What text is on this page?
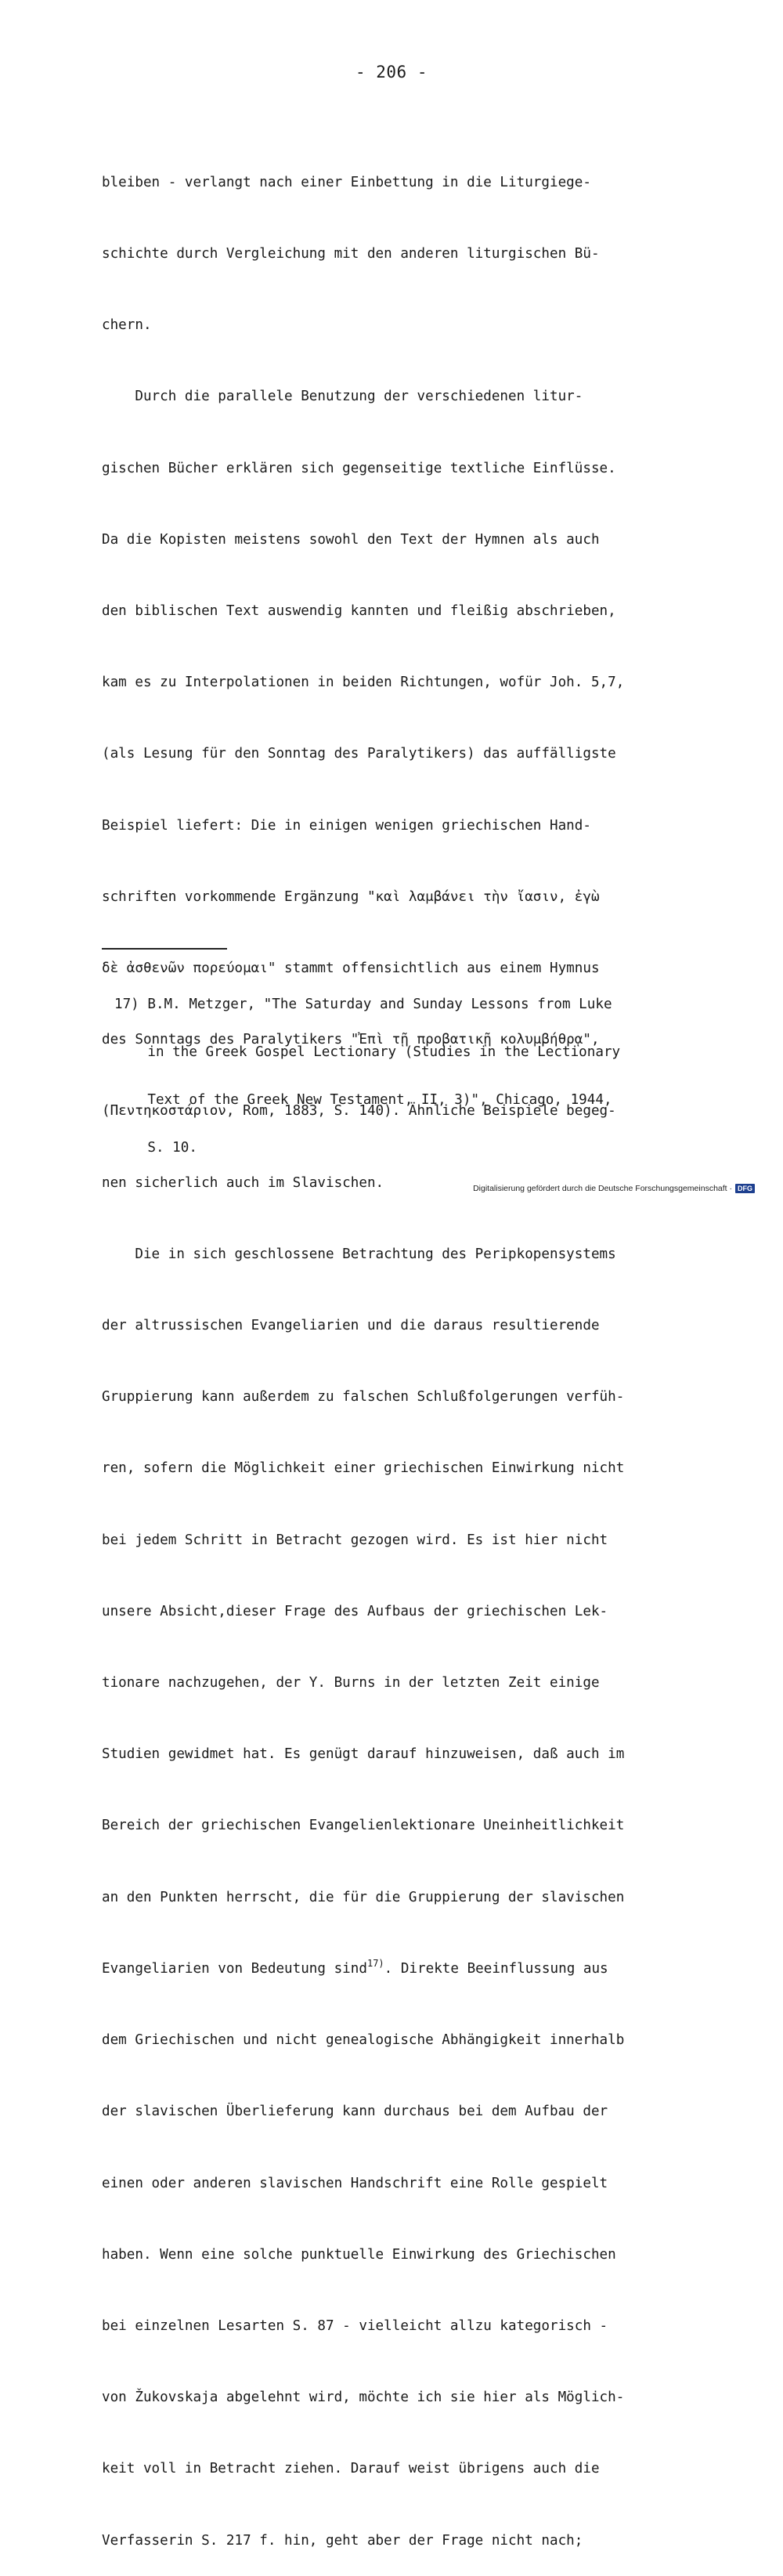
- 206 -

bleiben - verlangt nach einer Einbettung in die Liturgiege-

schichte durch Vergleichung mit den anderen liturgischen Bü-

chern.

Durch die parallele Benutzung der verschiedenen litur-

gischen Bücher erklären sich gegenseitige textliche Einflüsse.

Da die Kopisten meistens sowohl den Text der Hymnen als auch

den biblischen Text auswendig kannten und fleißig abschrieben,

kam es zu Interpolationen in beiden Richtungen, wofür Joh. 5,7,

(als Lesung für den Sonntag des Paralytikers) das auffälligste

Beispiel liefert: Die in einigen wenigen griechischen Hand-

schriften vorkommende Ergänzung "καὶ λαμβάνει τὴν ἴασιν, ἐγὼ

δὲ ἀσθενῶν πορεύομαι" stammt offensichtlich aus einem Hymnus

des Sonntags des Paralytikers "Ἐπὶ τῇ προβατικῇ κολυμβήθρᾳ",

(Πεντηκοστάριον, Rom, 1883, S. 140). Ähnliche Beispiele begeg-

nen sicherlich auch im Slavischen.

Die in sich geschlossene Betrachtung des Peripkopensystems

der altrussischen Evangeliarien und die daraus resultierende

Gruppierung kann außerdem zu falschen Schlußfolgerungen verfüh-

ren, sofern die Möglichkeit einer griechischen Einwirkung nicht

bei jedem Schritt in Betracht gezogen wird. Es ist hier nicht

unsere Absicht,dieser Frage des Aufbaus der griechischen Lek-

tionare nachzugehen, der Y. Burns in der letzten Zeit einige

Studien gewidmet hat. Es genügt darauf hinzuweisen, daß auch im

Bereich der griechischen Evangelienlektionare Uneinheitlichkeit

an den Punkten herrscht, die für die Gruppierung der slavischen

Evangeliarien von Bedeutung sind$^{17)}$. Direkte Beeinflussung aus

dem Griechischen und nicht genealogische Abhängigkeit innerhalb

der slavischen Überlieferung kann durchaus bei dem Aufbau der

einen oder anderen slavischen Handschrift eine Rolle gespielt

haben. Wenn eine solche punktuelle Einwirkung des Griechischen

bei einzelnen Lesarten S. 87 - vielleicht allzu kategorisch -

von Žukovskaja abgelehnt wird, möchte ich sie hier als Möglich-

keit voll in Betracht ziehen. Darauf weist übrigens auch die

Verfasserin S. 217 f. hin, geht aber der Frage nicht nach;

17) B.M. Metzger, "The Saturday and Sunday Lessons from Luke

in the Greek Gospel Lectionary (Studies in the Lectionary

Text of the Greek New Testament, II, 3)", Chicago, 1944,

S. 10.

Digitalisierung gefördert durch die Deutsche Forschungsgemeinschaft · DFG
